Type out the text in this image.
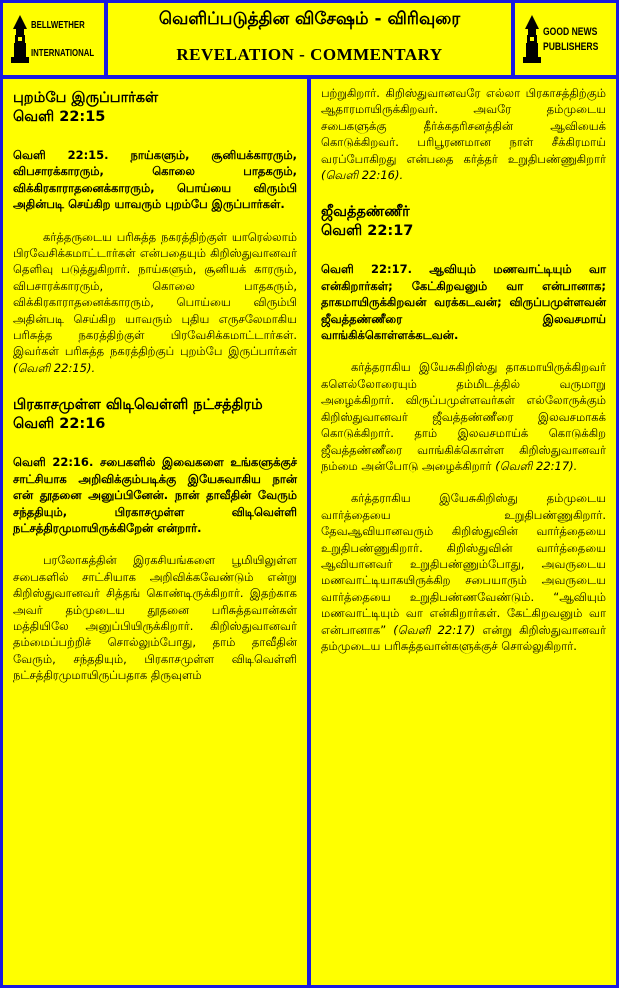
BELLWETHER
INTERNATIONAL
வெளிப்படுத்தின விசேஷம் - விரிவுரை
REVELATION - COMMENTARY
GOOD NEWS
PUBLISHERS
புறம்பே இருப்பார்கள்
வெளி 22:15

வெளி 22:15. நாய்களும், சூனியக்காரரும், விபசாரக்காரரும், கொலை பாதகரும், விக்கிரகாராதனைக்காரரும், பொய்யை விரும்பி அதின்படி செய்கிற யாவரும் புறம்பே இருப்பார்கள்.

கர்த்தருடைய பரிசுத்த நகரத்திற்குள் யாரெல்லாம் பிரவேசிக்கமாட்டார்கள் என்பதையும் கிறிஸ்துவானவர் தெளிவு படுத்துகிறார். நாய்களும், சூனியக் காரரும், விபசாரக்காரரும், கொலை பாதகரும், விக்கிரகாராதனைக்காரரும், பொய்யை விரும்பி அதின்படி செய்கிற யாவரும் புதிய எருசலேமாகிய பரிசுத்த நகரத்திற்குள் பிரவேசிக்கமாட்டார்கள். இவர்கள் பரிசுத்த நகரத்திற்குப் புறம்பே இருப்பார்கள் (வெளி 22:15).

பிரகாசமுள்ள விடிவெள்ளி நட்சத்திரம்
வெளி 22:16

வெளி 22:16. சபைகளில் இவைகளை உங்களுக்குச் சாட்சியாக அறிவிக்கும்படிக்கு இயேசுவாகிய நான் என் தூதனை அனுப்பினேன். நான் தாவீதின் வேரும் சந்ததியும், பிரகாசமுள்ள விடிவெள்ளி நட்சத்திரமுமாயிருக்கிறேன் என்றார்.

பரலோகத்தின் இரகசியங்களை பூமியிலுள்ள சபைகளில் சாட்சியாக அறிவிக்கவேண்டும் என்று கிறிஸ்துவானவர் சித்தங் கொண்டிருக்கிறார். இதற்காக அவர் தம்முடைய தூதனை பரிசுத்தவான்கள் மத்தியிலே அனுப்பியிருக்கிறார். கிறிஸ்துவானவர் தம்மைப்பற்றிச் சொல்லும்போது, தாம் தாவீதின் வேரும், சந்ததியும், பிரகாசமுள்ள விடிவெள்ளி நட்சத்திரமுமாயிருப்பதாக திருவுளம்

பற்றுகிறார். கிறிஸ்துவானவரே எல்லா பிரகாசத்திற்கும் ஆதாரமாயிருக்கிறவர். அவரே தம்முடைய சபைகளுக்கு தீர்க்கதரிசனத்தின் ஆவியைக் கொடுக்கிறவர். பரிபூரணமான நாள் சீக்கிரமாய் வரப்போகிறது என்பதை கர்த்தர் உறுதிபண்ணுகிறார் (வெளி 22:16).

ஜீவத்தண்ணீர்
வெளி 22:17

வெளி 22:17. ஆவியும் மணவாட்டியும் வா என்கிறார்கள்; கேட்கிறவனும் வா என்பானாக; தாகமாயிருக்கிறவன் வரக்கடவன்; விருப்பமுள்ளவன் ஜீவத்தண்ணீரை இலவசமாய் வாங்கிக்கொள்ளக்கடவன்.

கர்த்தராகிய இயேசுகிறிஸ்து தாகமாயிருக்கிறவர் களெல்லோரையும் தம்மிடத்தில் வருமாறு அழைக்கிறார். விருப்பமுள்ளவர்கள் எல்லோருக்கும் கிறிஸ்துவானவர் ஜீவத்தண்ணீரை இலவசமாகக் கொடுக்கிறார். தாம் இலவசமாய்க் கொடுக்கிற ஜீவத்தண்ணீரை வாங்கிக்கொள்ள கிறிஸ்துவானவர் நம்மை அன்போடு அழைக்கிறார் (வெளி 22:17).

கர்த்தராகிய இயேசுகிறிஸ்து தம்முடைய வார்த்தையை உறுதிபண்ணுகிறார். தேவஆவியானவரும் கிறிஸ்துவின் வார்த்தையை உறுதிபண்ணுகிறார். கிறிஸ்துவின் வார்த்தையை ஆவியானவர் உறுதிபண்ணும்போது, அவருடைய மணவாட்டியாகயிருக்கிற சபையாரும் அவருடைய வார்த்தையை உறுதிபண்ணவேண்டும். “ஆவியும் மணவாட்டியும் வா என்கிறார்கள். கேட்கிறவனும் வா என்பானாக” (வெளி 22:17) என்று கிறிஸ்துவானவர் தம்முடைய பரிசுத்தவான்களுக்குச் சொல்லுகிறார்.
